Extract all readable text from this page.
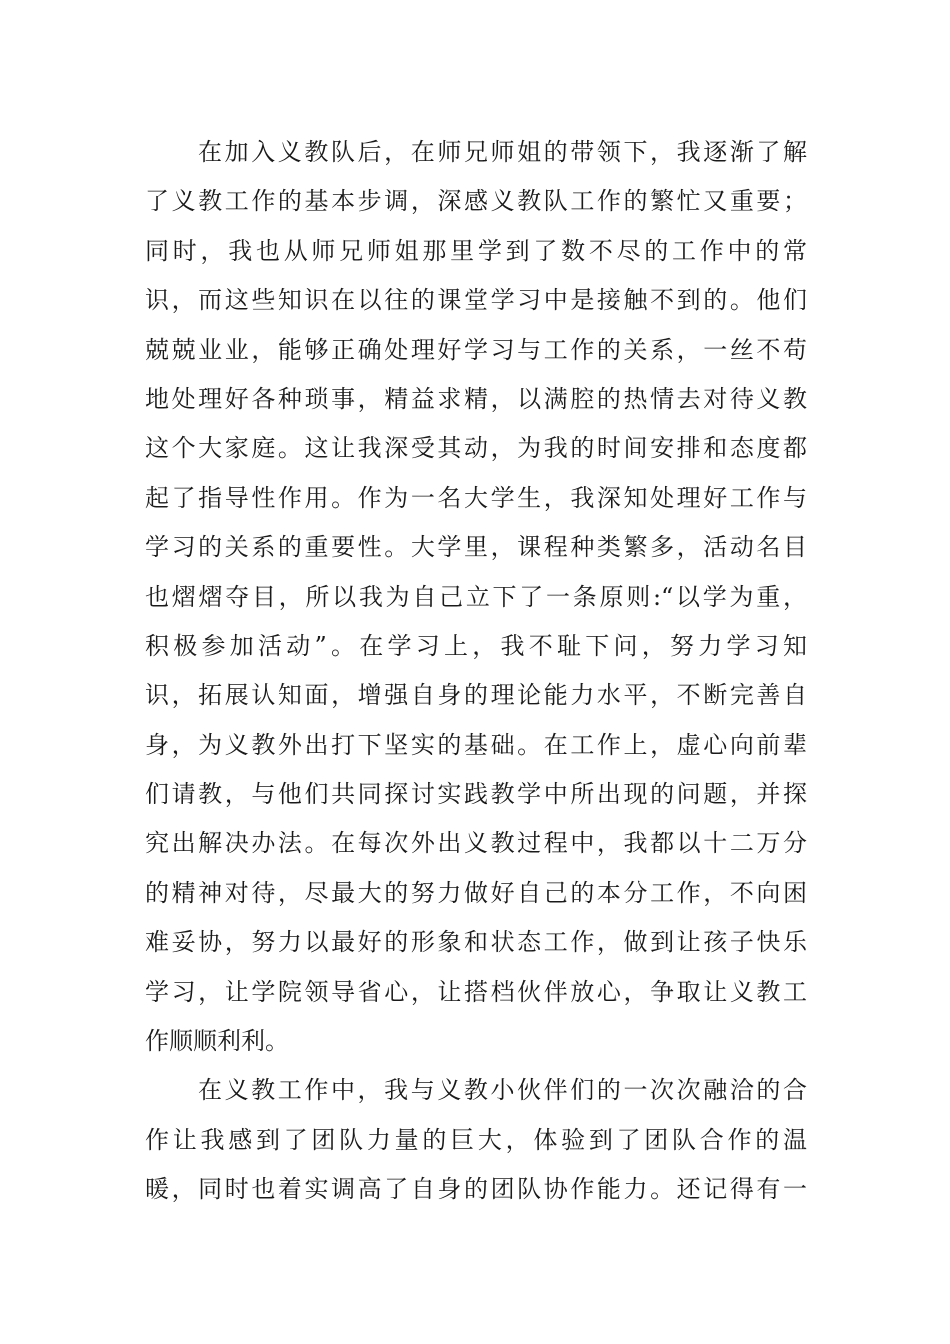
在加入义教队后，在师兄师姐的带领下，我逐渐了解
了义教工作的基本步调，深感义教队工作的繁忙又重要；
同时，我也从师兄师姐那里学到了数不尽的工作中的常
识，而这些知识在以往的课堂学习中是接触不到的。他们
兢兢业业，能够正确处理好学习与工作的关系，一丝不苟
地处理好各种琐事，精益求精，以满腔的热情去对待义教
这个大家庭。这让我深受其动，为我的时间安排和态度都
起了指导性作用。作为一名大学生，我深知处理好工作与
学习的关系的重要性。大学里，课程种类繁多，活动名目
也熠熠夺目，所以我为自己立下了一条原则:“以学为重，
积极参加活动”。在学习上，我不耻下问，努力学习知
识，拓展认知面，增强自身的理论能力水平，不断完善自
身，为义教外出打下坚实的基础。在工作上，虚心向前辈
们请教，与他们共同探讨实践教学中所出现的问题，并探
究出解决办法。在每次外出义教过程中，我都以十二万分
的精神对待，尽最大的努力做好自己的本分工作，不向困
难妥协，努力以最好的形象和状态工作，做到让孩子快乐
学习，让学院领导省心，让搭档伙伴放心，争取让义教工
作顺顺利利。
在义教工作中，我与义教小伙伴们的一次次融洽的合
作让我感到了团队力量的巨大，体验到了团队合作的温
暖，同时也着实调高了自身的团队协作能力。还记得有一
